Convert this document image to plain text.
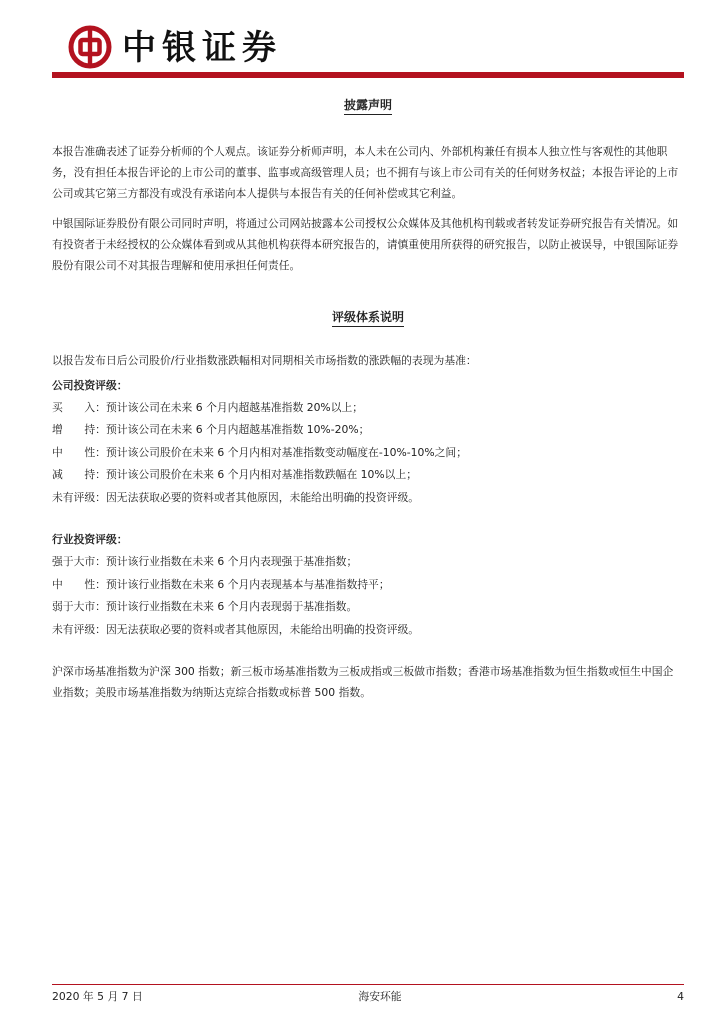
中银证券
披露声明

本报告准确表述了证券分析师的个人观点。该证券分析师声明，本人未在公司内、外部机构兼任有损本人独立性与客观性的其他职务，没有担任本报告评论的上市公司的董事、监事或高级管理人员；也不拥有与该上市公司有关的任何财务权益；本报告评论的上市公司或其它第三方都没有或没有承诺向本人提供与本报告有关的任何补偿或其它利益。

中银国际证券股份有限公司同时声明，将通过公司网站披露本公司授权公众媒体及其他机构刊载或者转发证券研究报告有关情况。如有投资者于未经授权的公众媒体看到或从其他机构获得本研究报告的，请慎重使用所获得的研究报告，以防止被误导，中银国际证券股份有限公司不对其报告理解和使用承担任何责任。

评级体系说明

以报告发布日后公司股价/行业指数涨跌幅相对同期相关市场指数的涨跌幅的表现为基准：

公司投资评级：

买　　入：预计该公司在未来 6 个月内超越基准指数 20%以上；

增　　持：预计该公司在未来 6 个月内超越基准指数 10%-20%；

中　　性：预计该公司股价在未来 6 个月内相对基准指数变动幅度在-10%-10%之间；

减　　持：预计该公司股价在未来 6 个月内相对基准指数跌幅在 10%以上；

未有评级：因无法获取必要的资料或者其他原因，未能给出明确的投资评级。

行业投资评级：

强于大市：预计该行业指数在未来 6 个月内表现强于基准指数；

中　　性：预计该行业指数在未来 6 个月内表现基本与基准指数持平；

弱于大市：预计该行业指数在未来 6 个月内表现弱于基准指数。

未有评级：因无法获取必要的资料或者其他原因，未能给出明确的投资评级。

沪深市场基准指数为沪深 300 指数；新三板市场基准指数为三板成指或三板做市指数；香港市场基准指数为恒生指数或恒生中国企业指数；美股市场基准指数为纳斯达克综合指数或标普 500 指数。

2020 年 5 月 7 日	海安环能	4
